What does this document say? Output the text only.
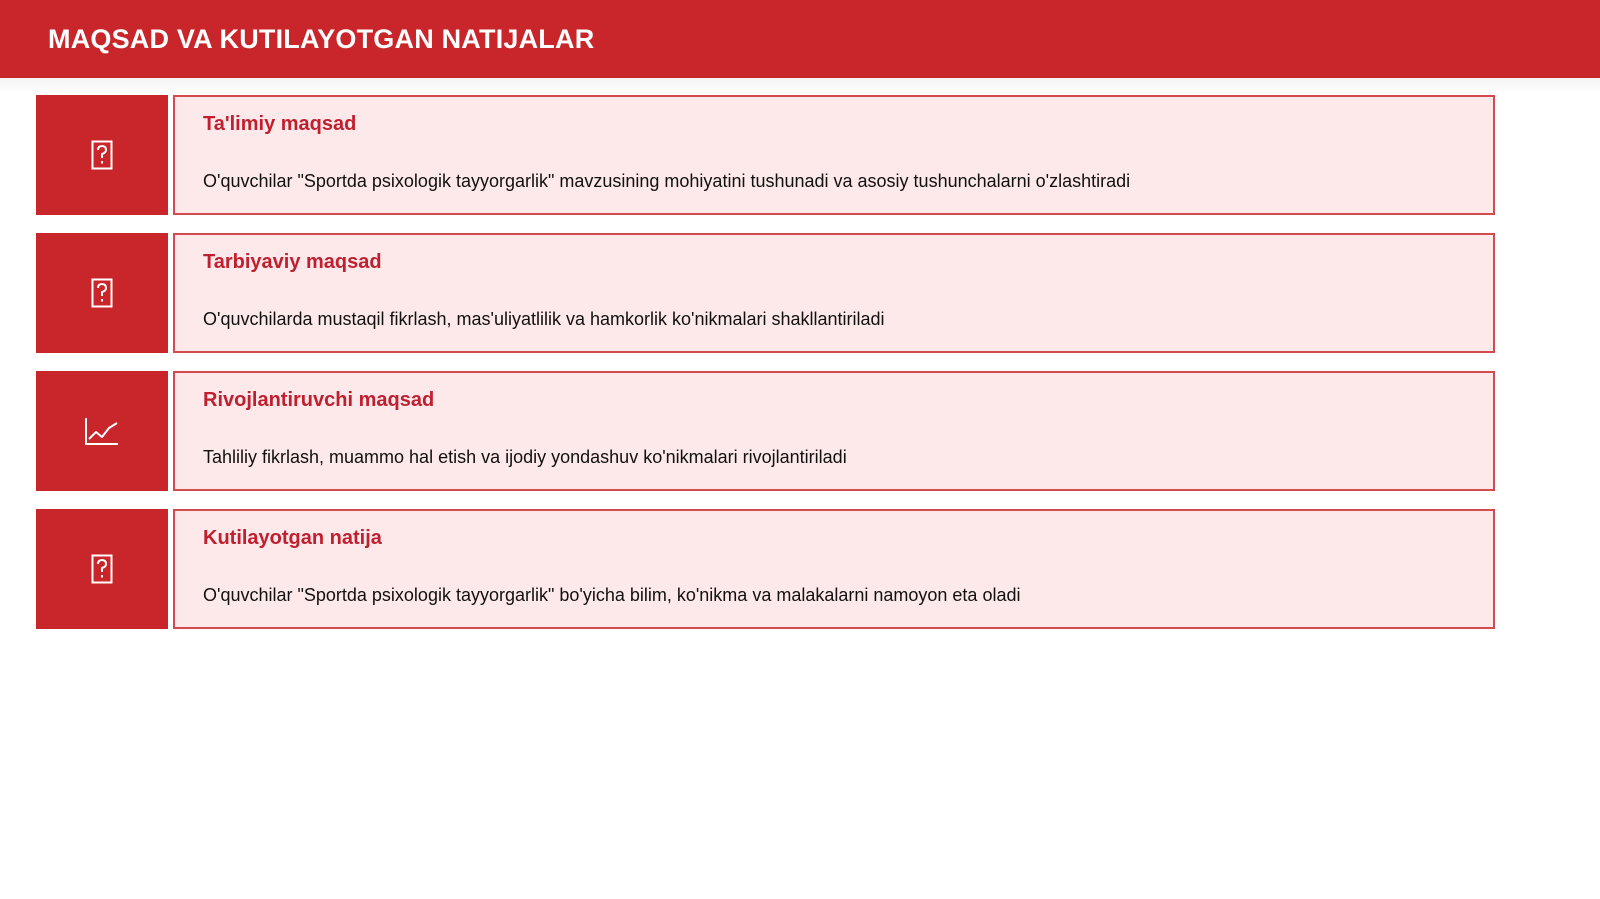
MAQSAD VA KUTILAYOTGAN NATIJALAR
Ta'limiy maqsad
O'quvchilar "Sportda psixologik tayyorgarlik" mavzusining mohiyatini tushunadi va asosiy tushunchalarni o'zlashtiradi
Tarbiyaviy maqsad
O'quvchilarda mustaqil fikrlash, mas'uliyatlilik va hamkorlik ko'nikmalari shakllantiriladi
Rivojlantiruvchi maqsad
Tahliliy fikrlash, muammo hal etish va ijodiy yondashuv ko'nikmalari rivojlantiriladi
Kutilayotgan natija
O'quvchilar "Sportda psixologik tayyorgarlik" bo'yicha bilim, ko'nikma va malakalarni namoyon eta oladi
